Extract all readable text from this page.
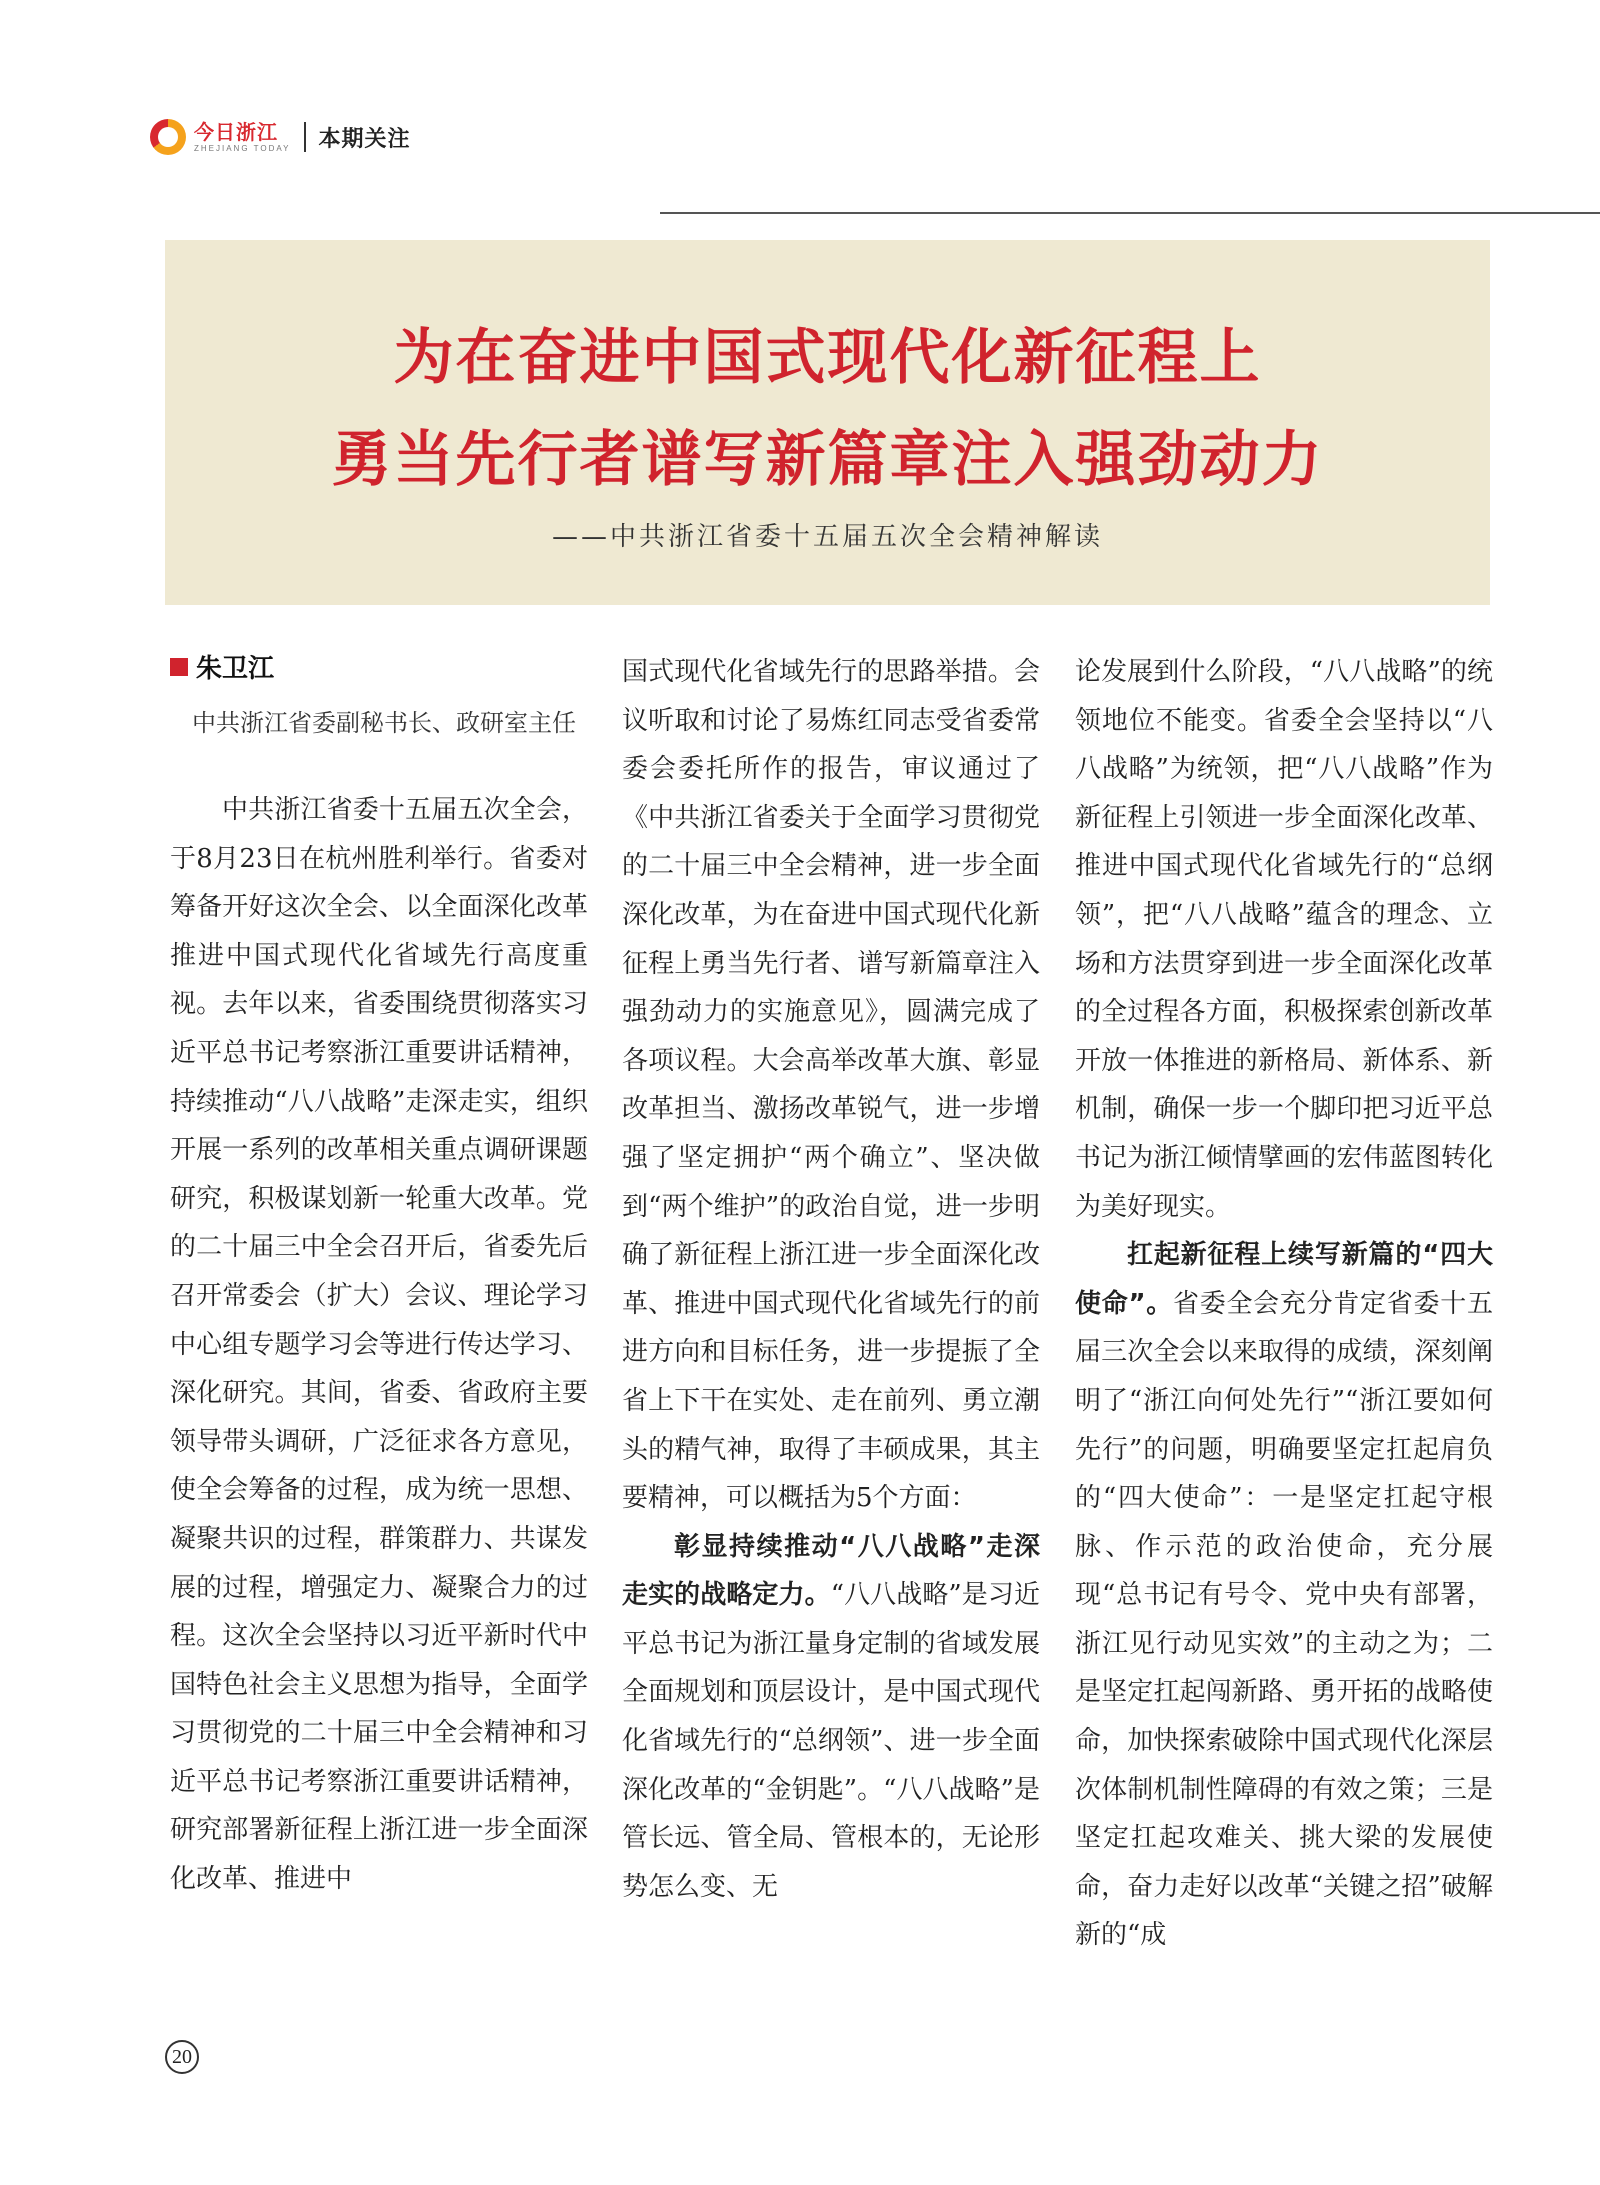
今日浙江
ZHEJIANG TODAY 本期关注
为在奋进中国式现代化新征程上
勇当先行者谱写新篇章注入强劲动力
——中共浙江省委十五届五次全会精神解读
朱卫江
中共浙江省委副秘书长、政研室主任

中共浙江省委十五届五次全会，于8月23日在杭州胜利举行。省委对筹备开好这次全会、以全面深化改革推进中国式现代化省域先行高度重视。去年以来，省委围绕贯彻落实习近平总书记考察浙江重要讲话精神，持续推动“八八战略”走深走实，组织开展一系列的改革相关重点调研课题研究，积极谋划新一轮重大改革。党的二十届三中全会召开后，省委先后召开常委会（扩大）会议、理论学习中心组专题学习会等进行传达学习、深化研究。其间，省委、省政府主要领导带头调研，广泛征求各方意见，使全会筹备的过程，成为统一思想、凝聚共识的过程，群策群力、共谋发展的过程，增强定力、凝聚合力的过程。这次全会坚持以习近平新时代中国特色社会主义思想为指导，全面学习贯彻党的二十届三中全会精神和习近平总书记考察浙江重要讲话精神，研究部署新征程上浙江进一步全面深化改革、推进中

国式现代化省域先行的思路举措。会议听取和讨论了易炼红同志受省委常委会委托所作的报告，审议通过了《中共浙江省委关于全面学习贯彻党的二十届三中全会精神，进一步全面深化改革，为在奋进中国式现代化新征程上勇当先行者、谱写新篇章注入强劲动力的实施意见》，圆满完成了各项议程。大会高举改革大旗、彰显改革担当、激扬改革锐气，进一步增强了坚定拥护“两个确立”、坚决做到“两个维护”的政治自觉，进一步明确了新征程上浙江进一步全面深化改革、推进中国式现代化省域先行的前进方向和目标任务，进一步提振了全省上下干在实处、走在前列、勇立潮头的精气神，取得了丰硕成果，其主要精神，可以概括为5个方面：

彰显持续推动“八八战略”走深走实的战略定力。“八八战略”是习近平总书记为浙江量身定制的省域发展全面规划和顶层设计，是中国式现代化省域先行的“总纲领”、进一步全面深化改革的“金钥匙”。“八八战略”是管长远、管全局、管根本的，无论形势怎么变、无

论发展到什么阶段，“八八战略”的统领地位不能变。省委全会坚持以“八八战略”为统领，把“八八战略”作为新征程上引领进一步全面深化改革、推进中国式现代化省域先行的“总纲领”，把“八八战略”蕴含的理念、立场和方法贯穿到进一步全面深化改革的全过程各方面，积极探索创新改革开放一体推进的新格局、新体系、新机制，确保一步一个脚印把习近平总书记为浙江倾情擘画的宏伟蓝图转化为美好现实。

扛起新征程上续写新篇的“四大使命”。省委全会充分肯定省委十五届三次全会以来取得的成绩，深刻阐明了“浙江向何处先行”“浙江要如何先行”的问题，明确要坚定扛起肩负的“四大使命”：一是坚定扛起守根脉、作示范的政治使命，充分展现“总书记有号令、党中央有部署，浙江见行动见实效”的主动之为；二是坚定扛起闯新路、勇开拓的战略使命，加快探索破除中国式现代化深层次体制机制性障碍的有效之策；三是坚定扛起攻难关、挑大梁的发展使命，奋力走好以改革“关键之招”破解新的“成

20
